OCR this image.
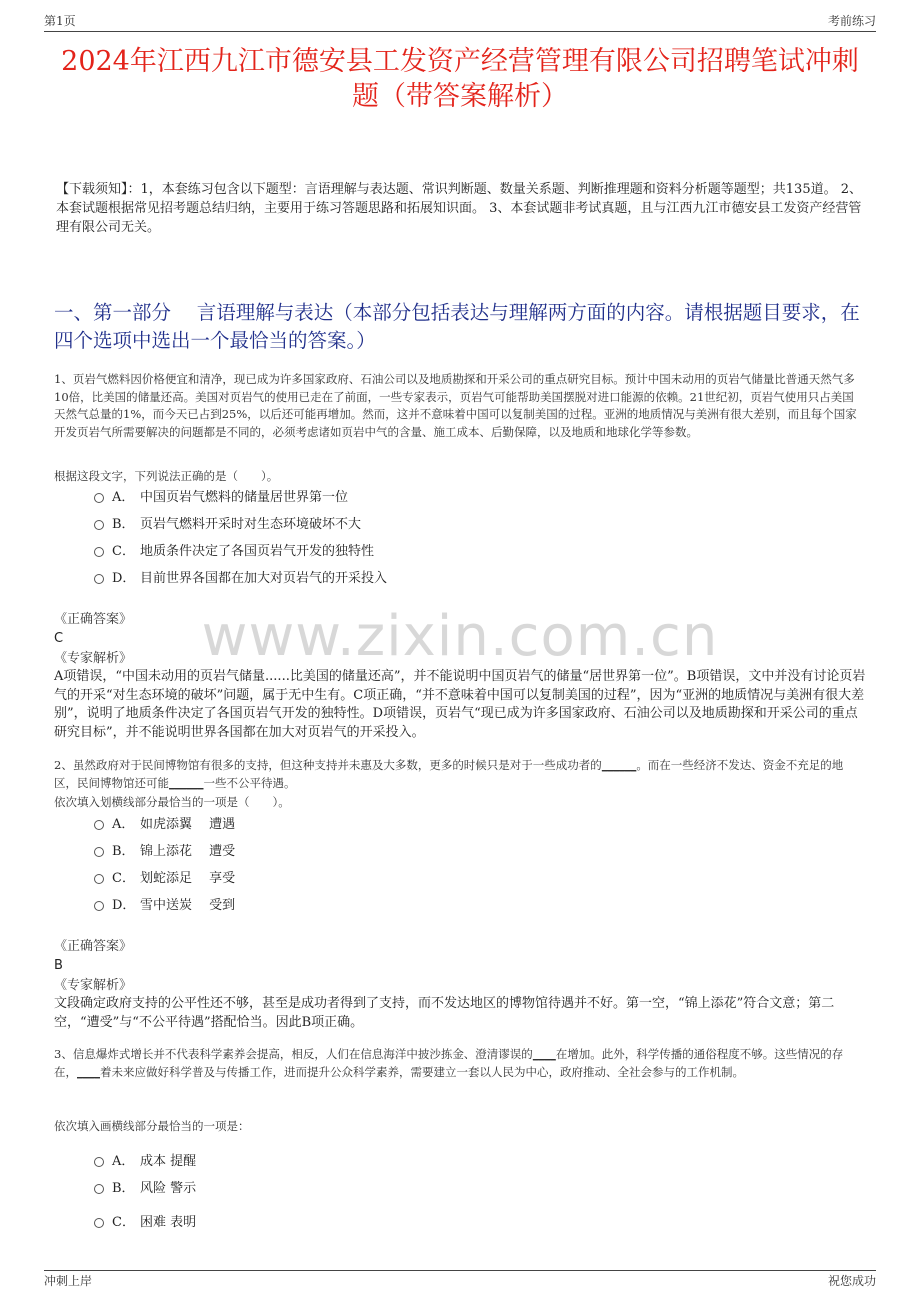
第1页	考前练习
2024年江西九江市德安县工发资产经营管理有限公司招聘笔试冲刺题（带答案解析）
【下载须知】：1，本套练习包含以下题型：言语理解与表达题、常识判断题、数量关系题、判断推理题和资料分析题等题型；共135道。 2、本套试题根据常见招考题总结归纳，主要用于练习答题思路和拓展知识面。 3、本套试题非考试真题，且与江西九江市德安县工发资产经营管理有限公司无关。
一、第一部分　 言语理解与表达（本部分包括表达与理解两方面的内容。请根据题目要求，在四个选项中选出一个最恰当的答案。）
www.zixin.com.cn
1、页岩气燃料因价格便宜和清净，现已成为许多国家政府、石油公司以及地质勘探和开采公司的重点研究目标。预计中国未动用的页岩气储量比普通天然气多10倍，比美国的储量还高。美国对页岩气的使用已走在了前面，一些专家表示，页岩气可能帮助美国摆脱对进口能源的依赖。21世纪初，页岩气使用只占美国天然气总量的1%，而今天已占到25%，以后还可能再增加。然而，这并不意味着中国可以复制美国的过程。亚洲的地质情况与美洲有很大差别，而且每个国家开发页岩气所需要解决的问题都是不同的，必须考虑诸如页岩中气的含量、施工成本、后勤保障，以及地质和地球化学等参数。
根据这段文字，下列说法正确的是（　　）。
A． 中国页岩气燃料的储量居世界第一位
B． 页岩气燃料开采时对生态环境破坏不大
C． 地质条件决定了各国页岩气开发的独特性
D． 目前世界各国都在加大对页岩气的开采投入
《正确答案》
C
《专家解析》
A项错误，“中国未动用的页岩气储量......比美国的储量还高”，并不能说明中国页岩气的储量“居世界第一位”。B项错误，文中并没有讨论页岩气的开采“对生态环境的破坏”问题，属于无中生有。C项正确，“并不意味着中国可以复制美国的过程”，因为“亚洲的地质情况与美洲有很大差别”，说明了地质条件决定了各国页岩气开发的独特性。D项错误，页岩气“现已成为许多国家政府、石油公司以及地质勘探和开采公司的重点研究目标”，并不能说明世界各国都在加大对页岩气的开采投入。
2、虽然政府对于民间博物馆有很多的支持，但这种支持并未惠及大多数，更多的时候只是对于一些成功者的______。而在一些经济不发达、资金不充足的地区，民间博物馆还可能______一些不公平待遇。
依次填入划横线部分最恰当的一项是（　　）。
A． 如虎添翼　 遭遇
B． 锦上添花　 遭受
C． 划蛇添足　 享受
D． 雪中送炭　 受到
《正确答案》
B
《专家解析》
文段确定政府支持的公平性还不够，甚至是成功者得到了支持，而不发达地区的博物馆待遇并不好。第一空，“锦上添花”符合文意；第二空，“遭受”与“不公平待遇”搭配恰当。因此B项正确。
3、信息爆炸式增长并不代表科学素养会提高，相反，人们在信息海洋中披沙拣金、澄清谬误的____在增加。此外，科学传播的通俗程度不够。这些情况的存在，____着未来应做好科学普及与传播工作，进而提升公众科学素养，需要建立一套以人民为中心，政府推动、全社会参与的工作机制。
依次填入画横线部分最恰当的一项是：
A． 成本 提醒
B． 风险 警示
C． 困难 表明
冲刺上岸	祝您成功
